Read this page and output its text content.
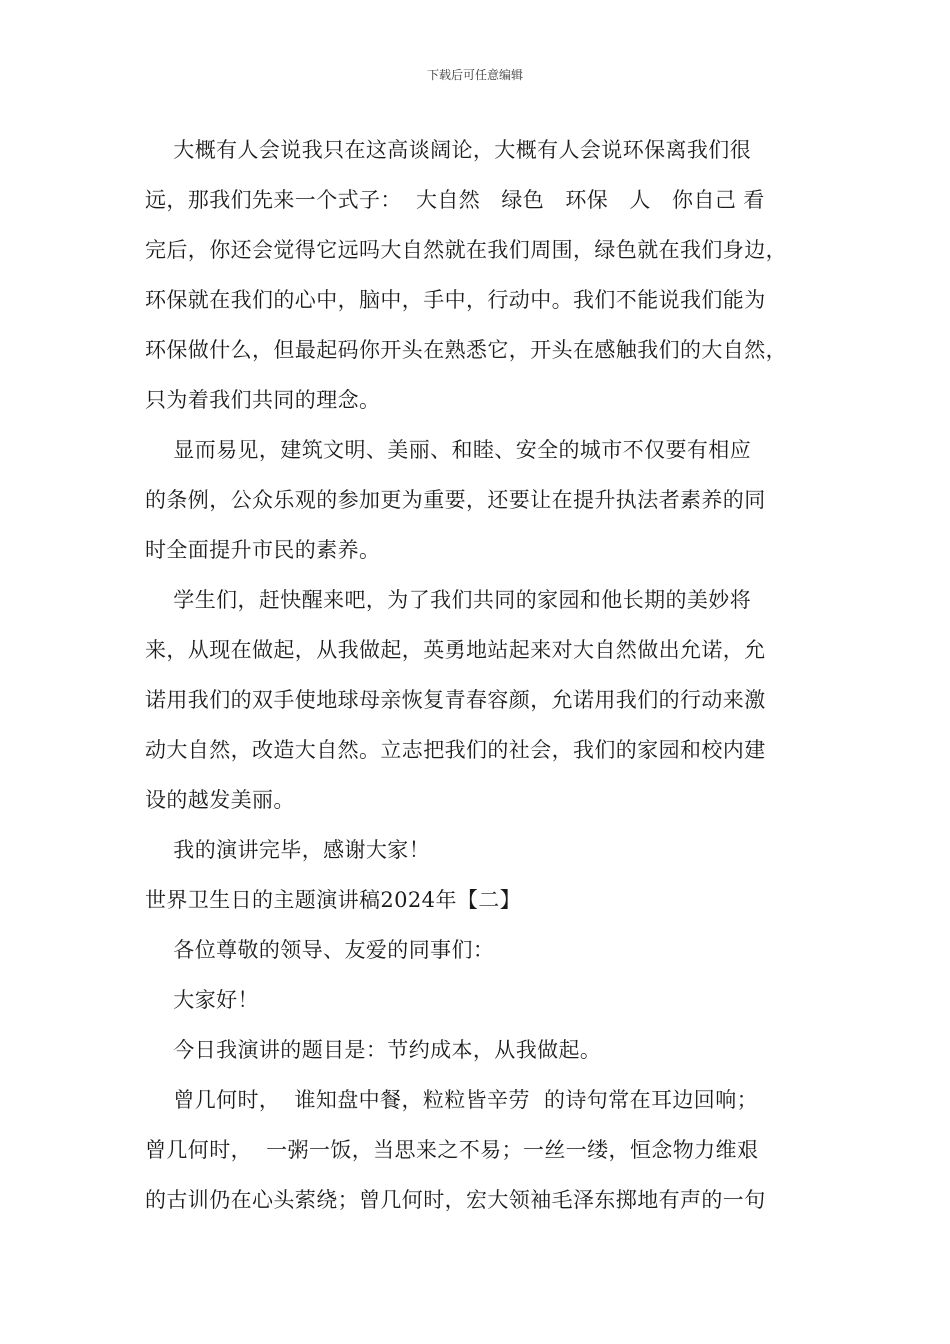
下载后可任意编辑
大概有人会说我只在这高谈阔论，大概有人会说环保离我们很
远，那我们先来一个式子：  大自然   绿色   环保   人   你自己 看
完后，你还会觉得它远吗大自然就在我们周围，绿色就在我们身边，
环保就在我们的心中，脑中，手中，行动中。我们不能说我们能为
环保做什么，但最起码你开头在熟悉它，开头在感触我们的大自然，
只为着我们共同的理念。
显而易见，建筑文明、美丽、和睦、安全的城市不仅要有相应
的条例，公众乐观的参加更为重要，还要让在提升执法者素养的同
时全面提升市民的素养。
学生们，赶快醒来吧，为了我们共同的家园和他长期的美妙将
来，从现在做起，从我做起，英勇地站起来对大自然做出允诺，允
诺用我们的双手使地球母亲恢复青春容颜，允诺用我们的行动来激
动大自然，改造大自然。立志把我们的社会，我们的家园和校内建
设的越发美丽。
我的演讲完毕，感谢大家！
世界卫生日的主题演讲稿2024年【二】
各位尊敬的领导、友爱的同事们：
大家好！
今日我演讲的题目是：节约成本，从我做起。
曾几何时，  谁知盘中餐，粒粒皆辛劳  的诗句常在耳边回响；
曾几何时，  一粥一饭，当思来之不易；一丝一缕，恒念物力维艰
的古训仍在心头萦绕；曾几何时，宏大领袖毛泽东掷地有声的一句
